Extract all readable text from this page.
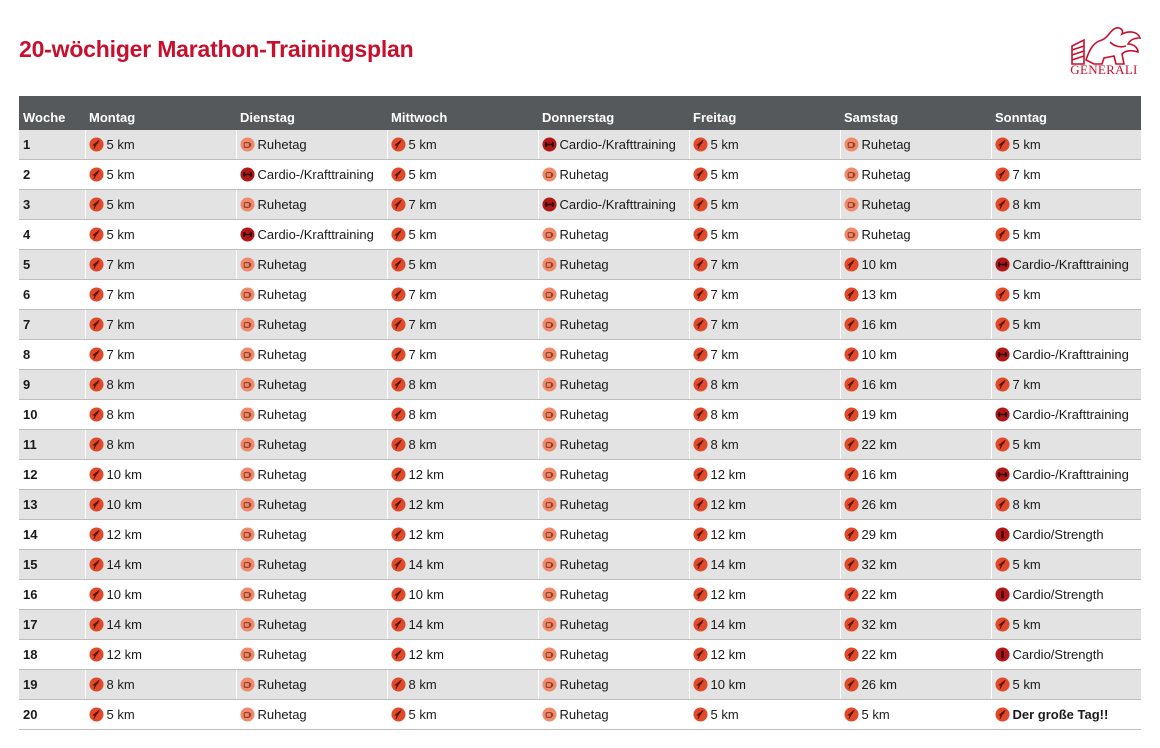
20-wöchiger Marathon-Trainingsplan
GENERALI
Woche	Montag	Dienstag	Mittwoch	Donnerstag	Freitag	Samstag	Sonntag
1	5 km	Ruhetag	5 km	Cardio-/Krafttraining	5 km	Ruhetag	5 km

2	5 km	Cardio-/Krafttraining	5 km	Ruhetag	5 km	Ruhetag	7 km

3	5 km	Ruhetag	7 km	Cardio-/Krafttraining	5 km	Ruhetag	8 km

4	5 km	Cardio-/Krafttraining	5 km	Ruhetag	5 km	Ruhetag	5 km

5	7 km	Ruhetag	5 km	Ruhetag	7 km	10 km	Cardio-/Krafttraining

6	7 km	Ruhetag	7 km	Ruhetag	7 km	13 km	5 km

7	7 km	Ruhetag	7 km	Ruhetag	7 km	16 km	5 km

8	7 km	Ruhetag	7 km	Ruhetag	7 km	10 km	Cardio-/Krafttraining

9	8 km	Ruhetag	8 km	Ruhetag	8 km	16 km	7 km

10	8 km	Ruhetag	8 km	Ruhetag	8 km	19 km	Cardio-/Krafttraining

11	8 km	Ruhetag	8 km	Ruhetag	8 km	22 km	5 km

12	10 km	Ruhetag	12 km	Ruhetag	12 km	16 km	Cardio-/Krafttraining

13	10 km	Ruhetag	12 km	Ruhetag	12 km	26 km	8 km

14	12 km	Ruhetag	12 km	Ruhetag	12 km	29 km	Cardio/Strength

15	14 km	Ruhetag	14 km	Ruhetag	14 km	32 km	5 km

16	10 km	Ruhetag	10 km	Ruhetag	12 km	22 km	Cardio/Strength

17	14 km	Ruhetag	14 km	Ruhetag	14 km	32 km	5 km

18	12 km	Ruhetag	12 km	Ruhetag	12 km	22 km	Cardio/Strength

19	8 km	Ruhetag	8 km	Ruhetag	10 km	26 km	5 km

20	5 km	Ruhetag	5 km	Ruhetag	5 km	5 km	Der große Tag!!
